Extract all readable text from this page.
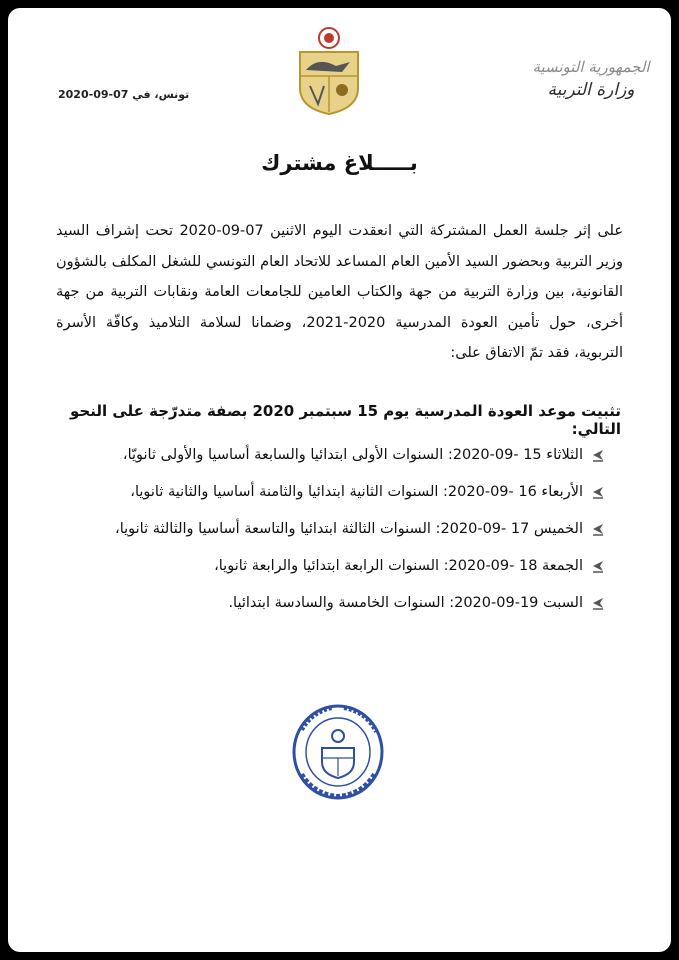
الجمهورية التونسية
وزارة التربية
تونس، في 07-09-2020
بـــــلاغ مشترك
على إثر جلسة العمل المشتركة التي انعقدت اليوم الاثنين 07-09-2020 تحت إشراف السيد وزير التربية وبحضور السيد الأمين العام المساعد للاتحاد العام التونسي للشغل المكلف بالشؤون القانونية، بين وزارة التربية من جهة والكتاب العامين للجامعات العامة ونقابات التربية من جهة أخرى، حول تأمين العودة المدرسية 2020-2021، وضمانا لسلامة التلاميذ وكافّة الأسرة التربوية، فقد تمّ الاتفاق على:
تثبيت موعد العودة المدرسية يوم 15 سبتمبر 2020 بصفة متدرّجة على النحو التالي:
الثلاثاء 15 -09-2020: السنوات الأولى ابتدائيا والسابعة أساسيا والأولى ثانويّا،
الأربعاء 16 -09-2020: السنوات الثانية ابتدائيا والثامنة أساسيا والثانية ثانويا،
الخميس 17 -09-2020: السنوات الثالثة ابتدائيا والتاسعة أساسيا والثالثة ثانويا،
الجمعة 18 -09-2020: السنوات الرابعة ابتدائيا والرابعة ثانويا،
السبت 19-09-2020: السنوات الخامسة والسادسة ابتدائيا.
